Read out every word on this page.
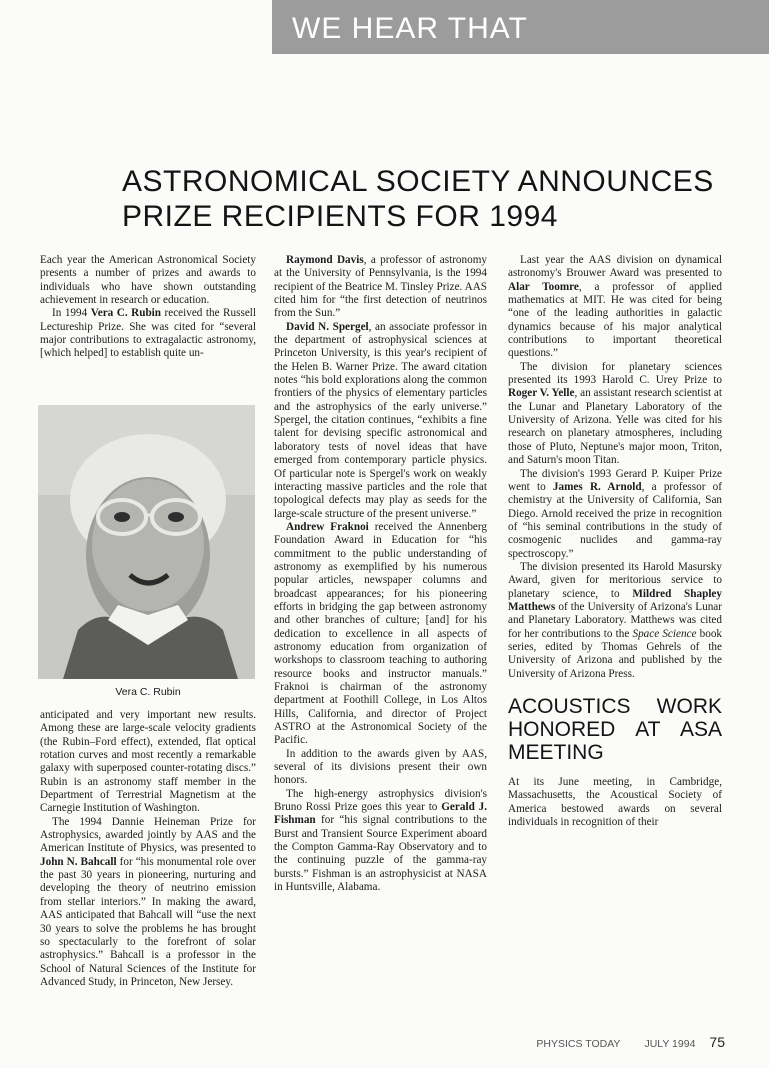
WE HEAR THAT
ASTRONOMICAL SOCIETY ANNOUNCES PRIZE RECIPIENTS FOR 1994

Each year the American Astronomical Society presents a number of prizes and awards to individuals who have shown outstanding achievement in research or education.

In 1994 Vera C. Rubin received the Russell Lectureship Prize. She was cited for “several major contributions to extragalactic astronomy, [which helped] to establish quite un-

Vera C. Rubin

anticipated and very important new results. Among these are large-scale velocity gradients (the Rubin–Ford effect), extended, flat optical rotation curves and most recently a remarkable galaxy with superposed counter-rotating discs.” Rubin is an astronomy staff member in the Department of Terrestrial Magnetism at the Carnegie Institution of Washington.

The 1994 Dannie Heineman Prize for Astrophysics, awarded jointly by AAS and the American Institute of Physics, was presented to John N. Bahcall for “his monumental role over the past 30 years in pioneering, nurturing and developing the theory of neutrino emission from stellar interiors.” In making the award, AAS anticipated that Bahcall will “use the next 30 years to solve the problems he has brought so spectacularly to the forefront of solar astrophysics.” Bahcall is a professor in the School of Natural Sciences of the Institute for Advanced Study, in Princeton, New Jersey.

Raymond Davis, a professor of astronomy at the University of Pennsylvania, is the 1994 recipient of the Beatrice M. Tinsley Prize. AAS cited him for “the first detection of neutrinos from the Sun.”

David N. Spergel, an associate professor in the department of astrophysical sciences at Princeton University, is this year's recipient of the Helen B. Warner Prize. The award citation notes “his bold explorations along the common frontiers of the physics of elementary particles and the astrophysics of the early universe.” Spergel, the citation continues, “exhibits a fine talent for devising specific astronomical and laboratory tests of novel ideas that have emerged from contemporary particle physics. Of particular note is Spergel's work on weakly interacting massive particles and the role that topological defects may play as seeds for the large-scale structure of the present universe.”

Andrew Fraknoi received the Annenberg Foundation Award in Education for “his commitment to the public understanding of astronomy as exemplified by his numerous popular articles, newspaper columns and broadcast appearances; for his pioneering efforts in bridging the gap between astronomy and other branches of culture; [and] for his dedication to excellence in all aspects of astronomy education from organization of workshops to classroom teaching to authoring resource books and instructor manuals.” Fraknoi is chairman of the astronomy department at Foothill College, in Los Altos Hills, California, and director of Project ASTRO at the Astronomical Society of the Pacific.

In addition to the awards given by AAS, several of its divisions present their own honors.

The high-energy astrophysics division's Bruno Rossi Prize goes this year to Gerald J. Fishman for “his signal contributions to the Burst and Transient Source Experiment aboard the Compton Gamma-Ray Observatory and to the continuing puzzle of the gamma-ray bursts.” Fishman is an astrophysicist at NASA in Huntsville, Alabama.

Last year the AAS division on dynamical astronomy's Brouwer Award was presented to Alar Toomre, a professor of applied mathematics at MIT. He was cited for being “one of the leading authorities in galactic dynamics because of his major analytical contributions to important theoretical questions.”

The division for planetary sciences presented its 1993 Harold C. Urey Prize to Roger V. Yelle, an assistant research scientist at the Lunar and Planetary Laboratory of the University of Arizona. Yelle was cited for his research on planetary atmospheres, including those of Pluto, Neptune's major moon, Triton, and Saturn's moon Titan.

The division's 1993 Gerard P. Kuiper Prize went to James R. Arnold, a professor of chemistry at the University of California, San Diego. Arnold received the prize in recognition of “his seminal contributions in the study of cosmogenic nuclides and gamma-ray spectroscopy.”

The division presented its Harold Masursky Award, given for meritorious service to planetary science, to Mildred Shapley Matthews of the University of Arizona's Lunar and Planetary Laboratory. Matthews was cited for her contributions to the Space Science book series, edited by Thomas Gehrels of the University of Arizona and published by the University of Arizona Press.

ACOUSTICS WORK HONORED AT ASA MEETING

At its June meeting, in Cambridge, Massachusetts, the Acoustical Society of America bestowed awards on several individuals in recognition of their

PHYSICS TODAY JULY 1994 75
